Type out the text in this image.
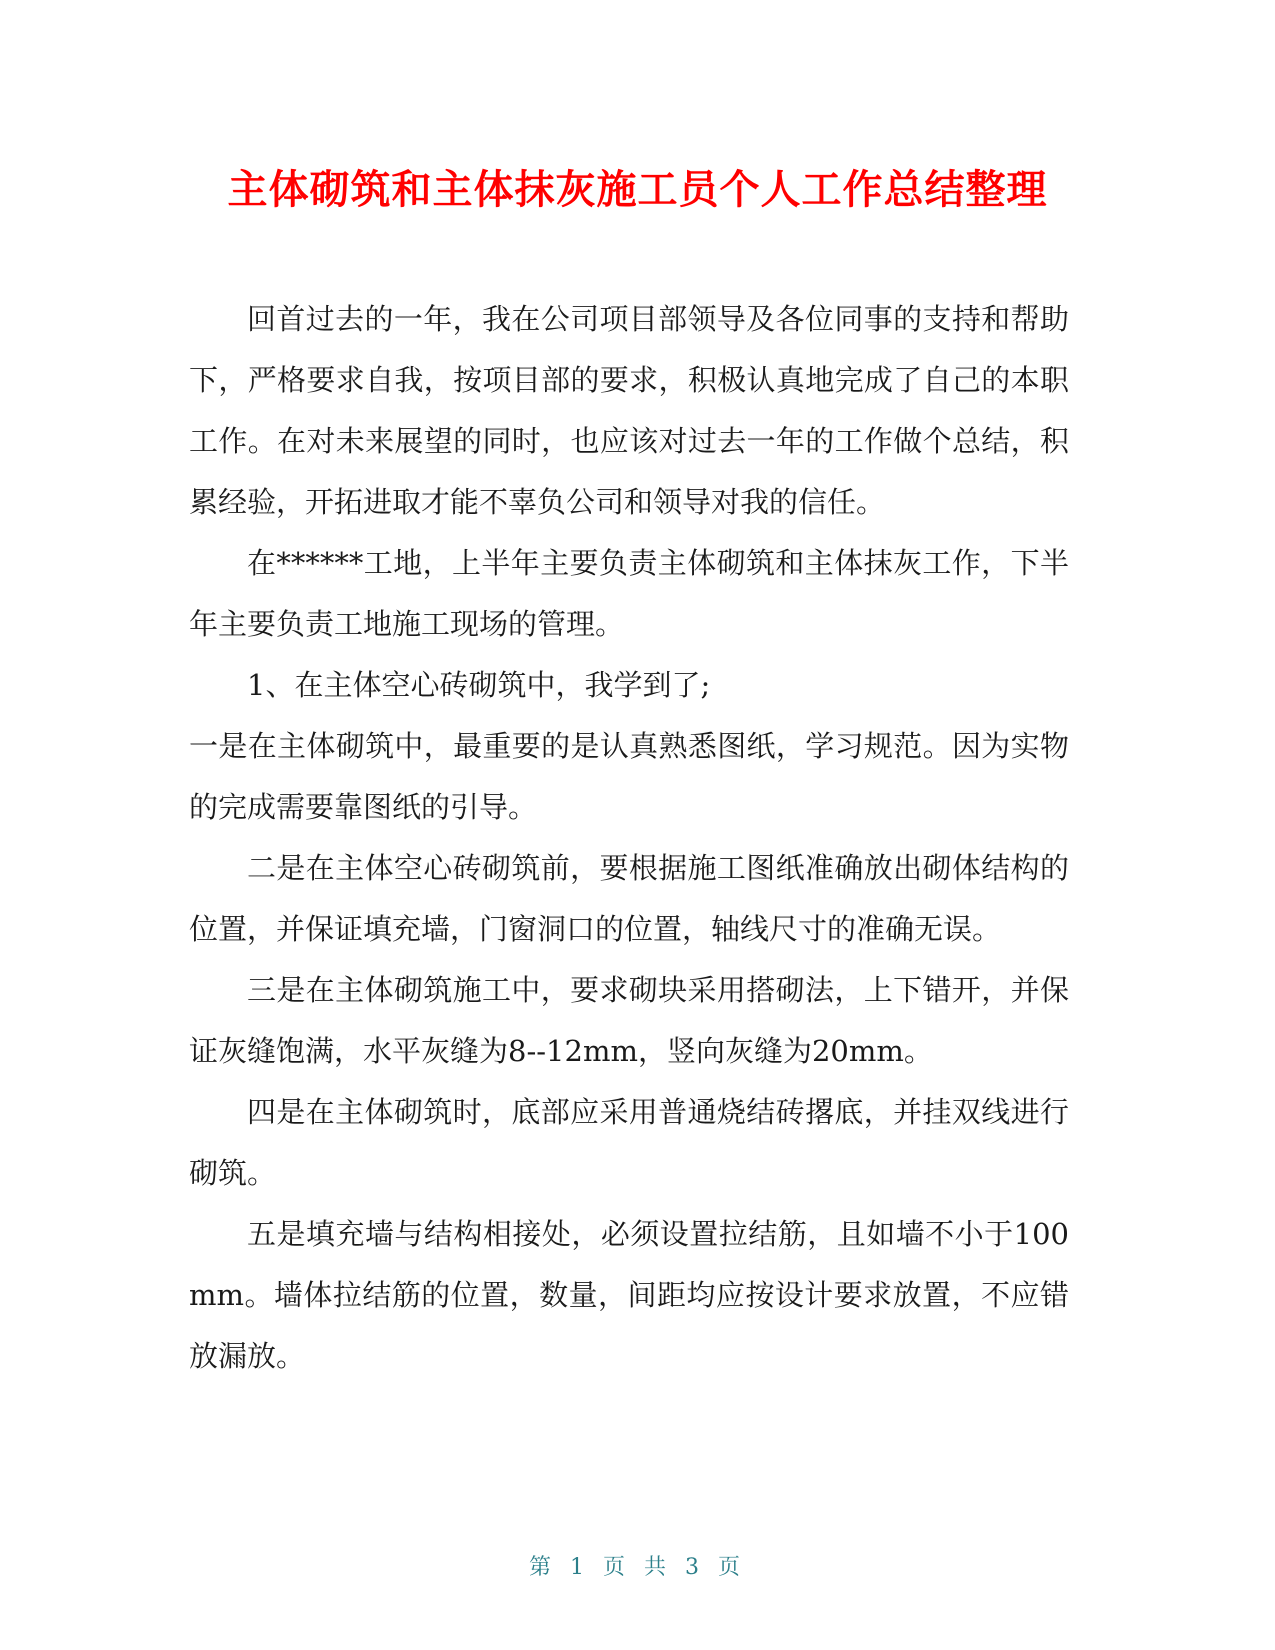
主体砌筑和主体抹灰施工员个人工作总结整理

回首过去的一年，我在公司项目部领导及各位同事的支持和帮助下，严格要求自我，按项目部的要求，积极认真地完成了自己的本职工作。在对未来展望的同时，也应该对过去一年的工作做个总结，积累经验，开拓进取才能不辜负公司和领导对我的信任。

在******工地，上半年主要负责主体砌筑和主体抹灰工作，下半年主要负责工地施工现场的管理。

1、在主体空心砖砌筑中，我学到了;

一是在主体砌筑中，最重要的是认真熟悉图纸，学习规范。因为实物的完成需要靠图纸的引导。

二是在主体空心砖砌筑前，要根据施工图纸准确放出砌体结构的位置，并保证填充墙，门窗洞口的位置，轴线尺寸的准确无误。

三是在主体砌筑施工中，要求砌块采用搭砌法，上下错开，并保证灰缝饱满，水平灰缝为8--12mm，竖向灰缝为20mm。

四是在主体砌筑时，底部应采用普通烧结砖撂底，并挂双线进行砌筑。

五是填充墙与结构相接处，必须设置拉结筋，且如墙不小于100mm。墙体拉结筋的位置，数量，间距均应按设计要求放置，不应错放漏放。

第 1 页 共 3 页
